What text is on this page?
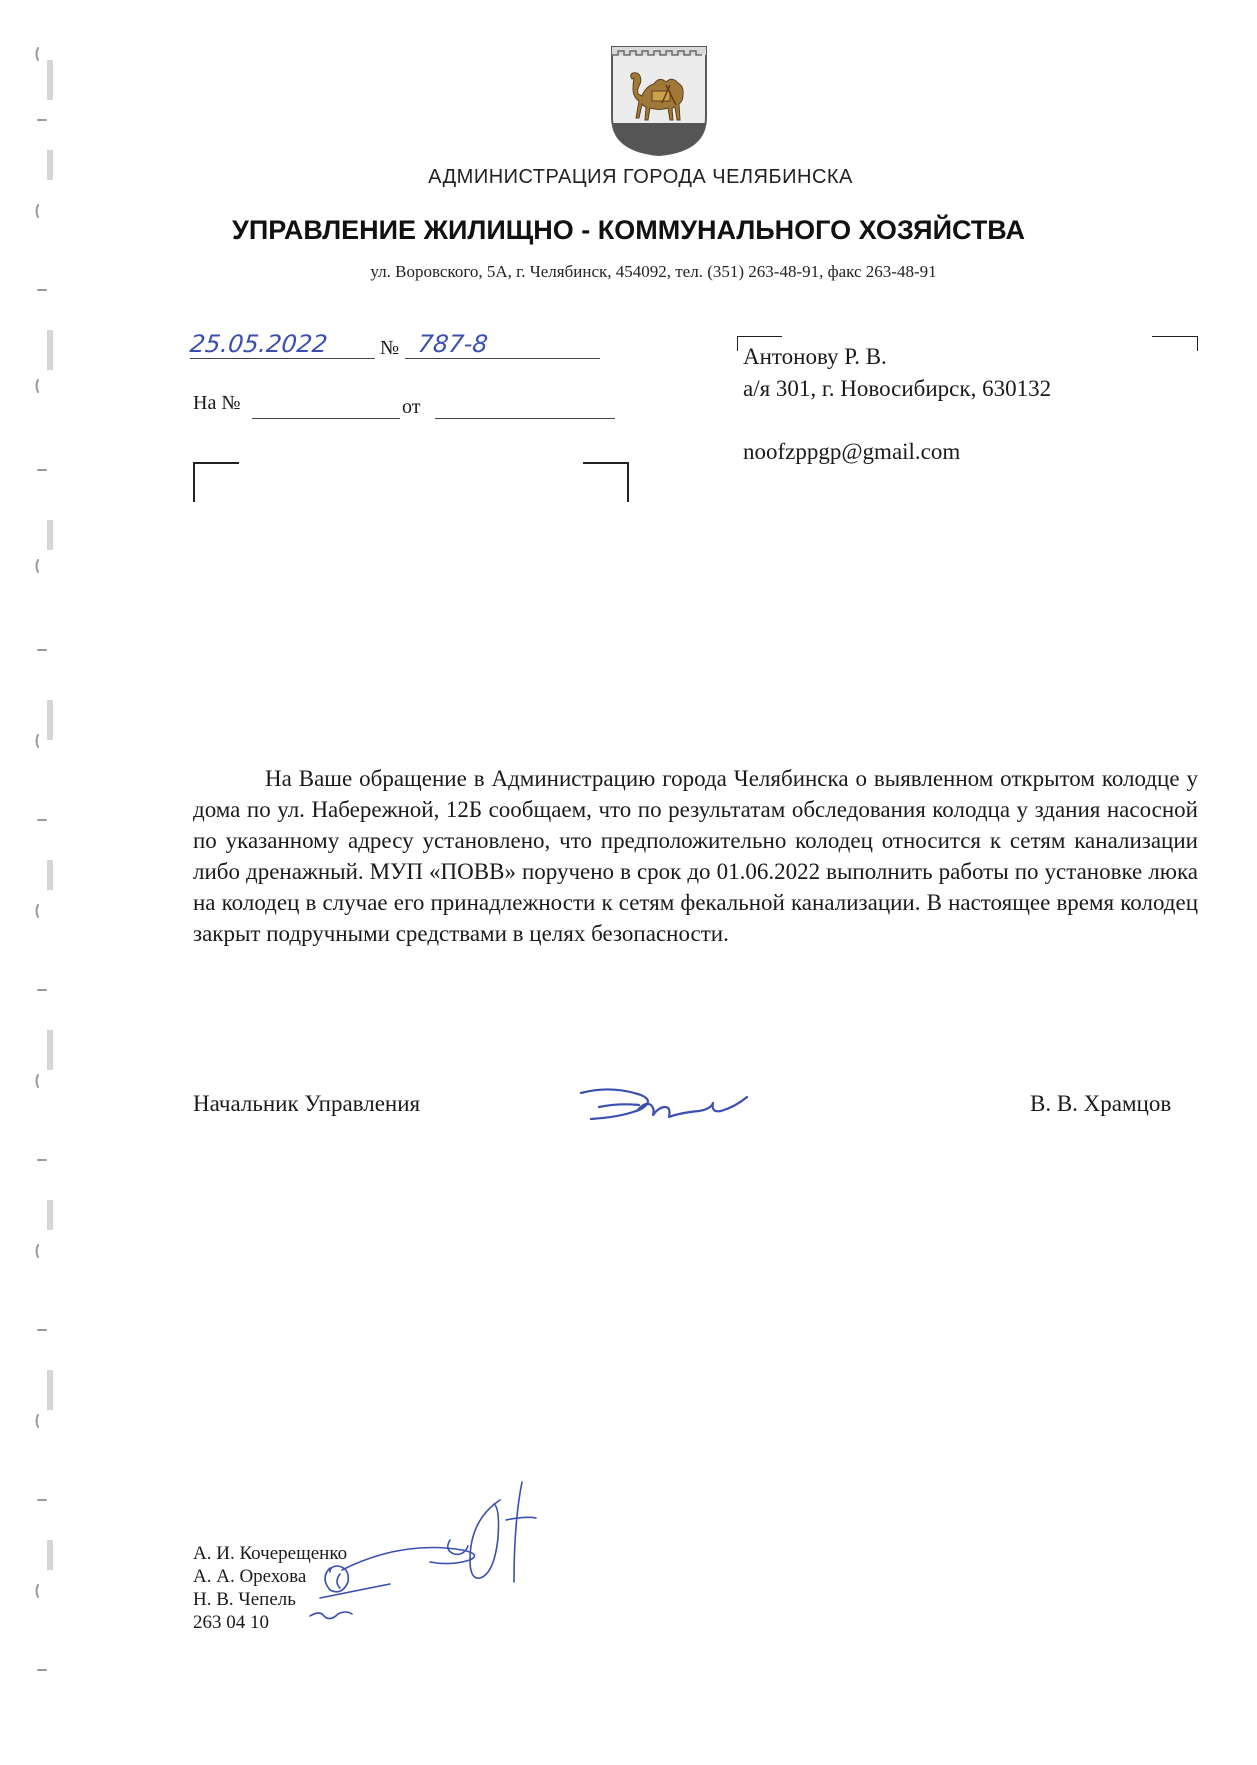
АДМИНИСТРАЦИЯ ГОРОДА ЧЕЛЯБИНСКА
УПРАВЛЕНИЕ ЖИЛИЩНО - КОММУНАЛЬНОГО ХОЗЯЙСТВА
ул. Воровского, 5А, г. Челябинск, 454092, тел. (351) 263-48-91, факс 263-48-91
25.05.2022	№ 787-8
На №	от
Антонову Р. В.
а/я 301, г. Новосибирск, 630132
noofzppgp@gmail.com

На Ваше обращение в Администрацию города Челябинска о выявленном открытом колодце у дома по ул. Набережной, 12Б сообщаем, что по результатам обследования колодца у здания насосной по указанному адресу установлено, что предположительно колодец относится к сетям канализации либо дренажный. МУП «ПОВВ» поручено в срок до 01.06.2022 выполнить работы по установке люка на колодец в случае его принадлежности к сетям фекальной канализации. В настоящее время колодец закрыт подручными средствами в целях безопасности.

Начальник Управления	В. В. Храмцов
А. И. Кочерещенко
А. А. Орехова
Н. В. Чепель
263 04 10
